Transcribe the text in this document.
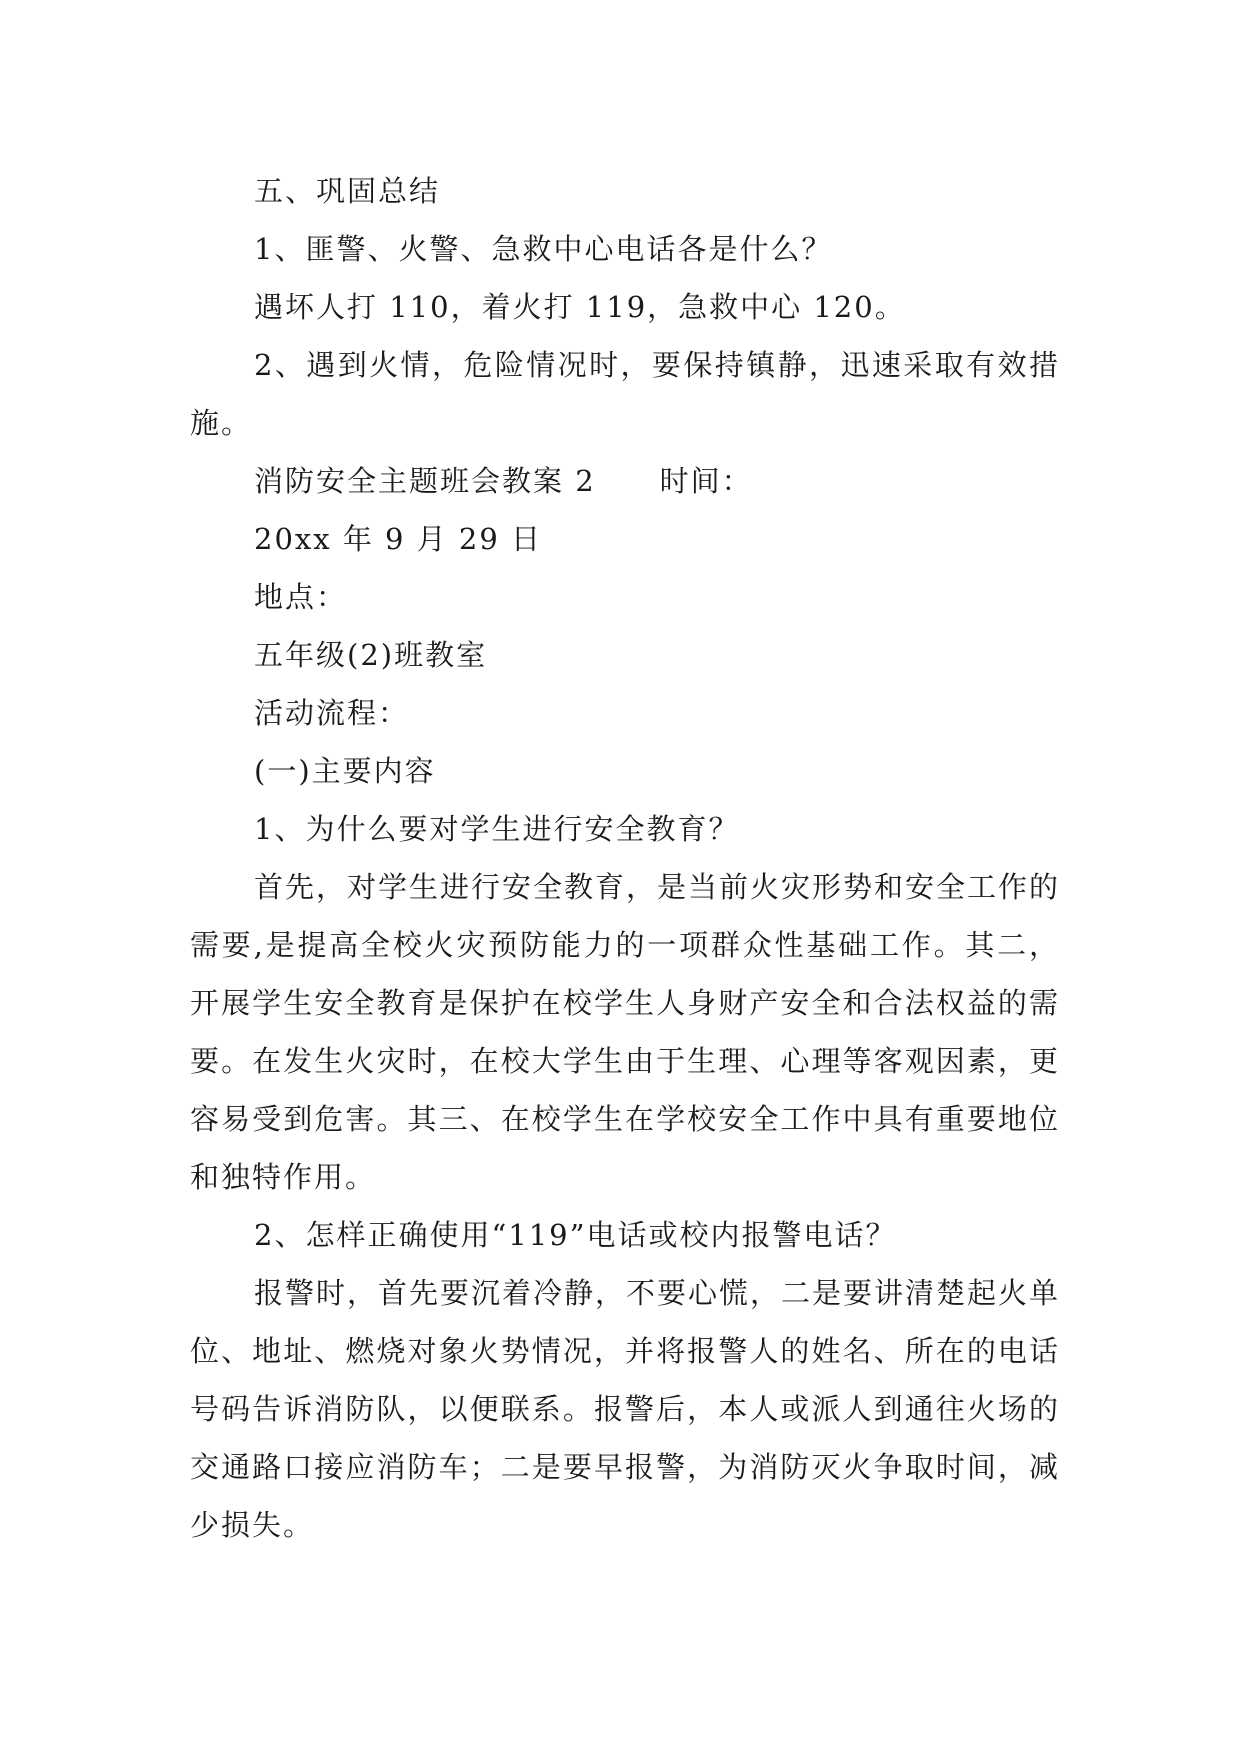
五、巩固总结

1、匪警、火警、急救中心电话各是什么？

遇坏人打 110，着火打 119，急救中心 120。

2、遇到火情，危险情况时，要保持镇静，迅速采取有效措施。

消防安全主题班会教案 2 时间：

20xx 年 9 月 29 日

地点：

五年级(2)班教室

活动流程：

(一)主要内容

1、为什么要对学生进行安全教育？

首先，对学生进行安全教育，是当前火灾形势和安全工作的需要,是提高全校火灾预防能力的一项群众性基础工作。其二，开展学生安全教育是保护在校学生人身财产安全和合法权益的需要。在发生火灾时，在校大学生由于生理、心理等客观因素，更容易受到危害。其三、在校学生在学校安全工作中具有重要地位和独特作用。

2、怎样正确使用“119”电话或校内报警电话？

报警时，首先要沉着冷静，不要心慌，二是要讲清楚起火单位、地址、燃烧对象火势情况，并将报警人的姓名、所在的电话号码告诉消防队，以便联系。报警后，本人或派人到通往火场的交通路口接应消防车；二是要早报警，为消防灭火争取时间，减少损失。
